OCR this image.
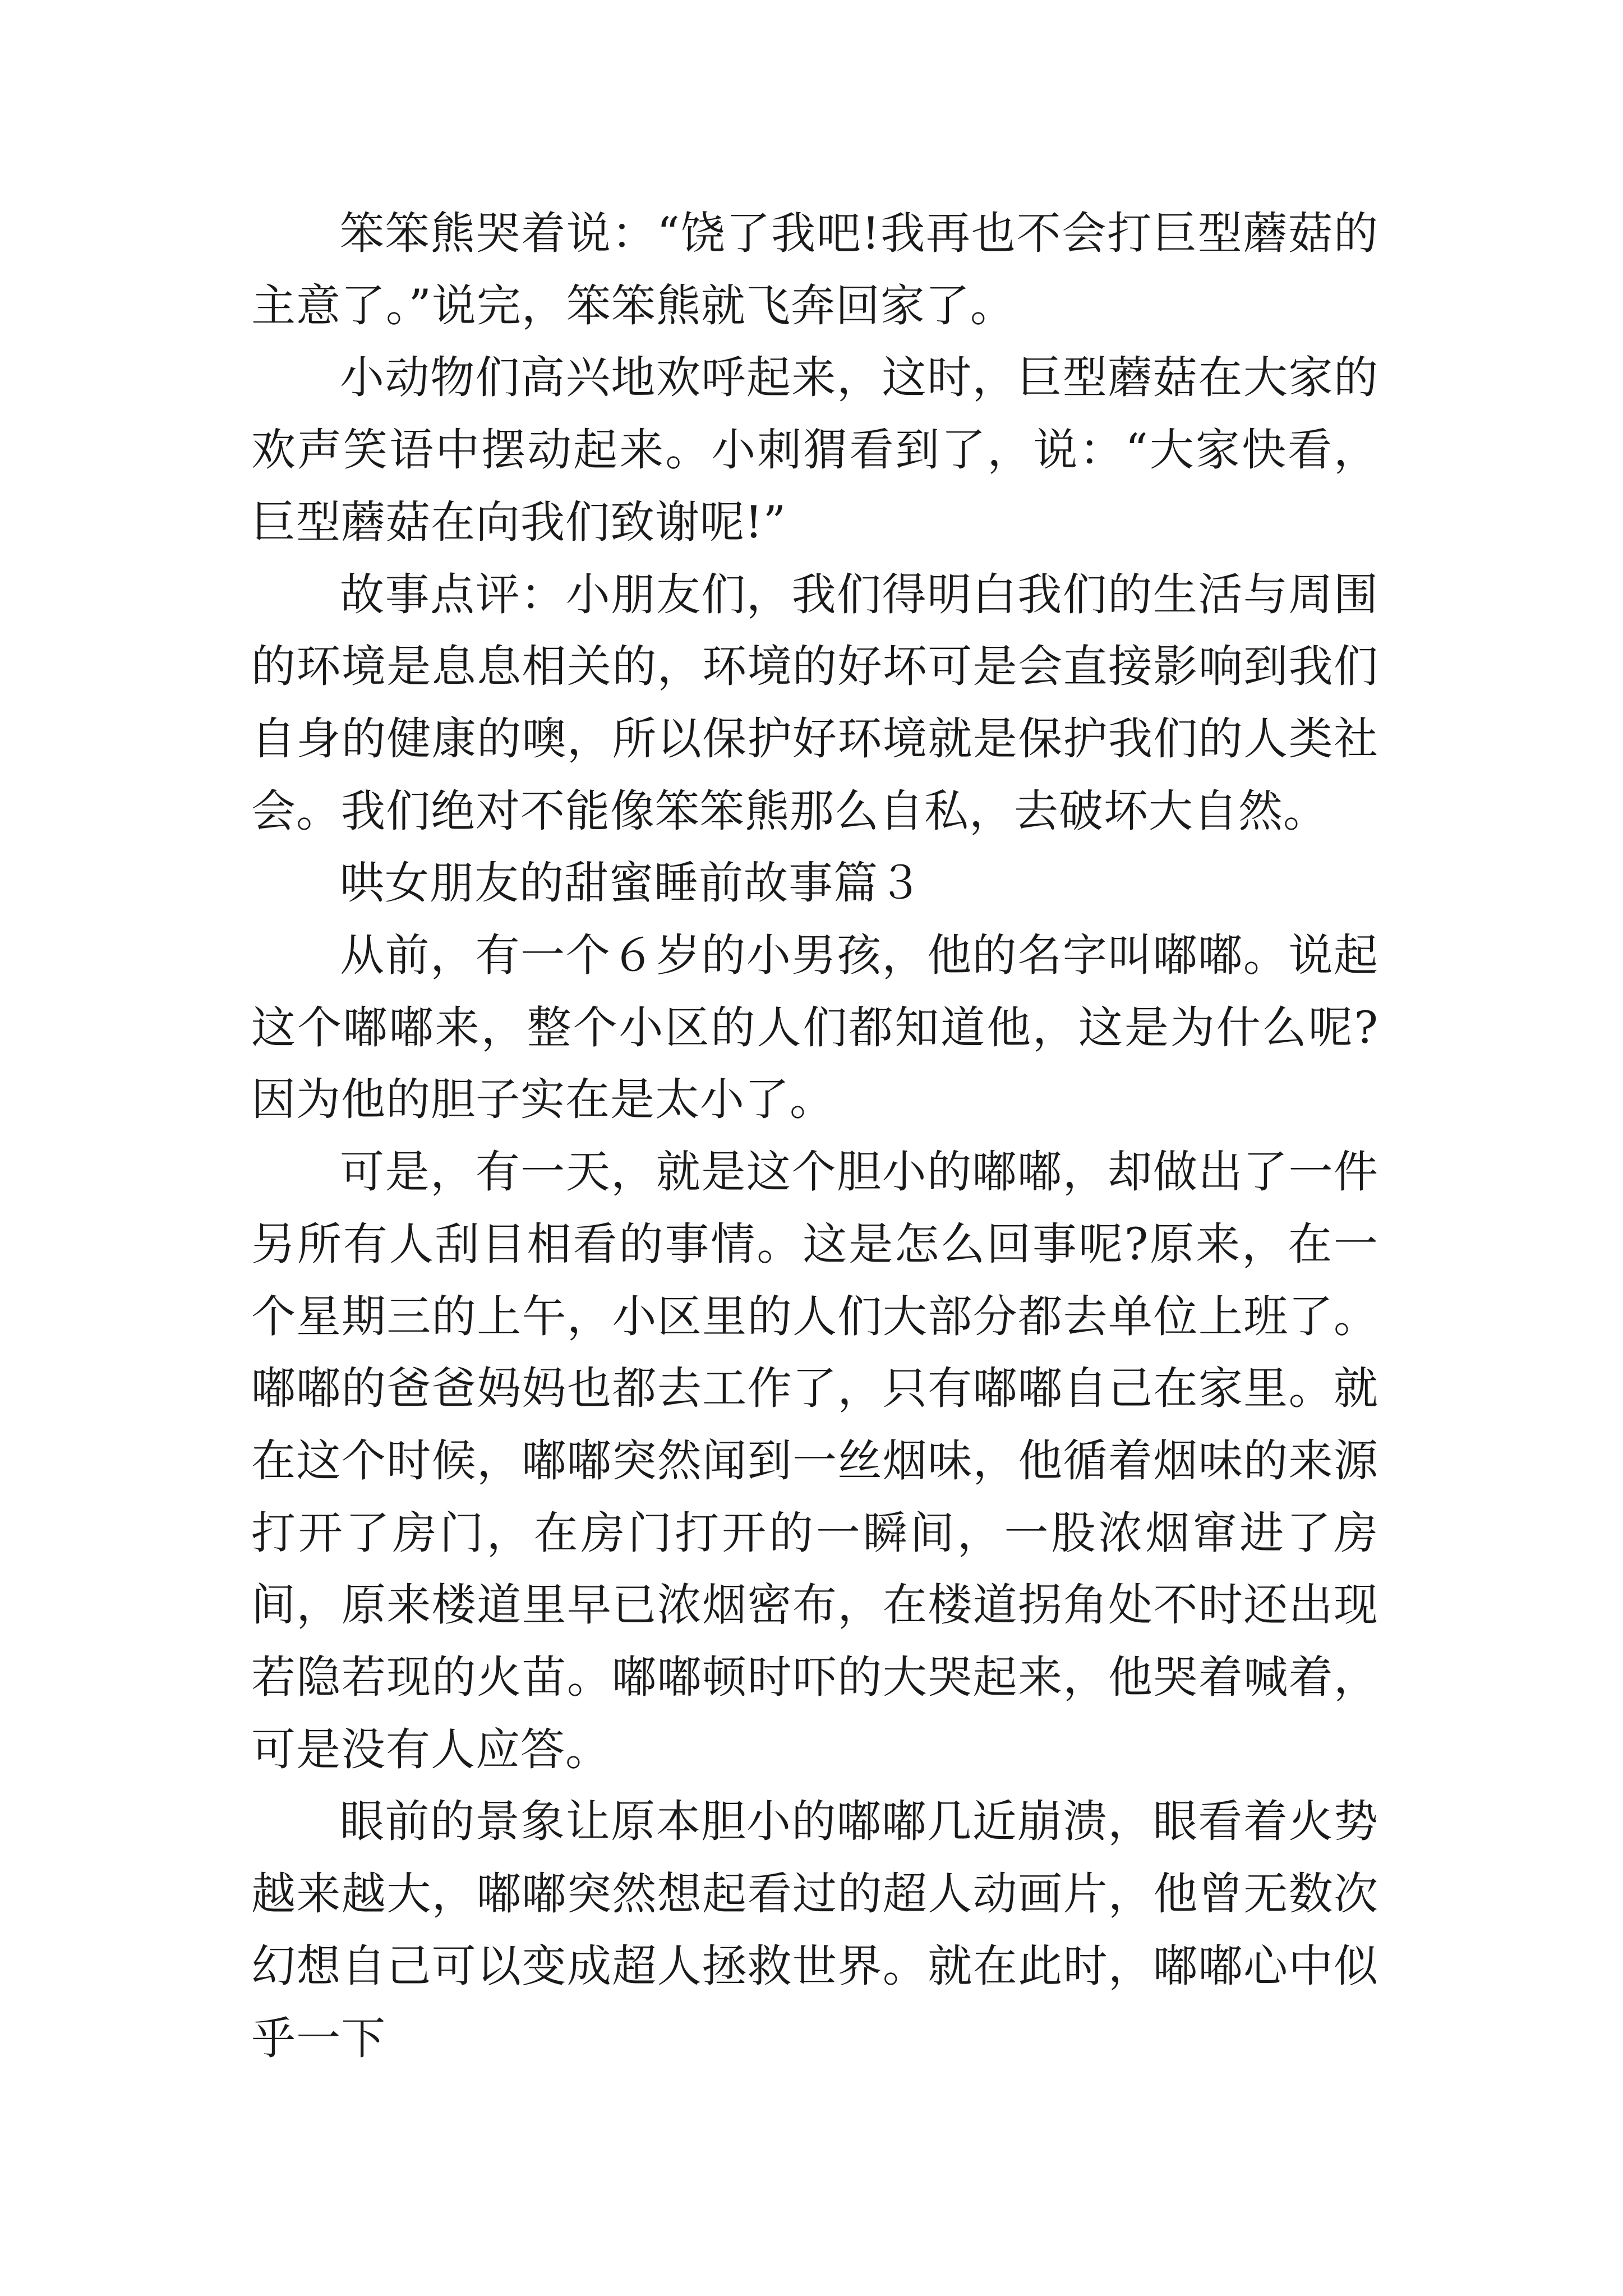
笨笨熊哭着说：“饶了我吧!我再也不会打巨型蘑菇的主意了。”说完，笨笨熊就飞奔回家了。

小动物们高兴地欢呼起来，这时，巨型蘑菇在大家的欢声笑语中摆动起来。小刺猬看到了，说：“大家快看，巨型蘑菇在向我们致谢呢!”

故事点评：小朋友们，我们得明白我们的生活与周围的环境是息息相关的，环境的好坏可是会直接影响到我们自身的健康的噢，所以保护好环境就是保护我们的人类社会。我们绝对不能像笨笨熊那么自私，去破坏大自然。

哄女朋友的甜蜜睡前故事篇３

从前，有一个６岁的小男孩，他的名字叫嘟嘟。说起这个嘟嘟来，整个小区的人们都知道他，这是为什么呢?因为他的胆子实在是太小了。

可是，有一天，就是这个胆小的嘟嘟，却做出了一件另所有人刮目相看的事情。这是怎么回事呢?原来，在一个星期三的上午，小区里的人们大部分都去单位上班了。嘟嘟的爸爸妈妈也都去工作了，只有嘟嘟自己在家里。就在这个时候，嘟嘟突然闻到一丝烟味，他循着烟味的来源打开了房门，在房门打开的一瞬间，一股浓烟窜进了房间，原来楼道里早已浓烟密布，在楼道拐角处不时还出现若隐若现的火苗。嘟嘟顿时吓的大哭起来，他哭着喊着，可是没有人应答。

眼前的景象让原本胆小的嘟嘟几近崩溃，眼看着火势越来越大，嘟嘟突然想起看过的超人动画片，他曾无数次幻想自己可以变成超人拯救世界。就在此时，嘟嘟心中似乎一下
